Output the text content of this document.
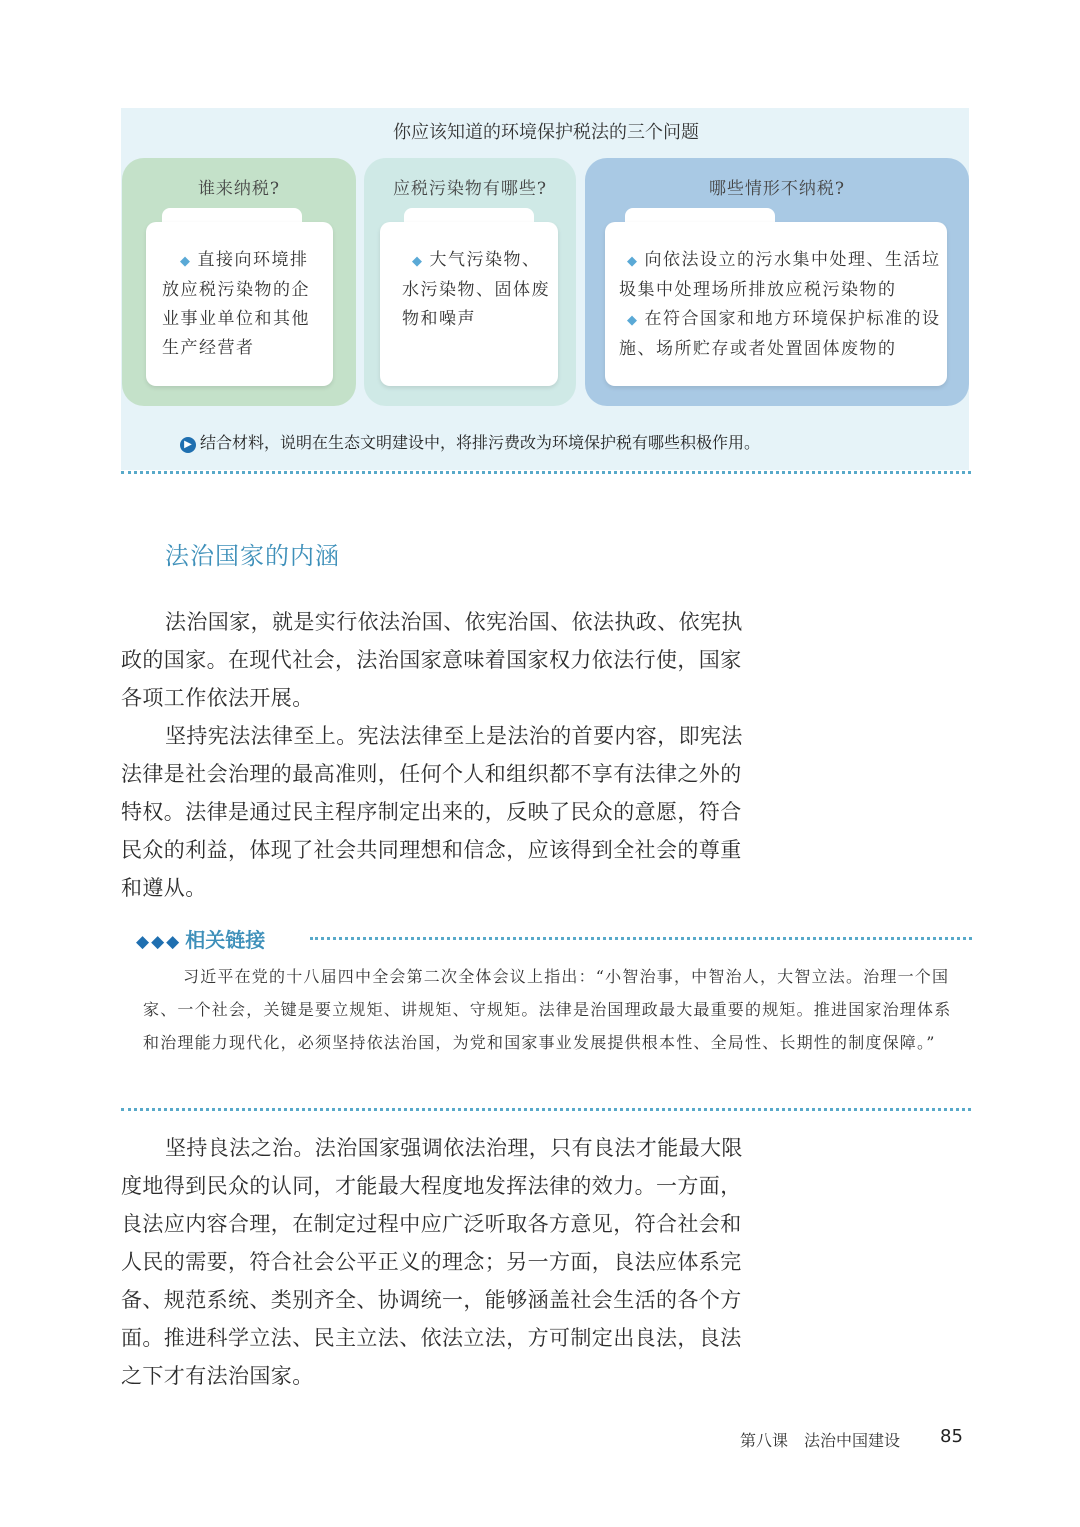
你应该知道的环境保护税法的三个问题
谁来纳税?
◆ 直接向环境排放应税污染物的企业事业单位和其他生产经营者
应税污染物有哪些?
◆ 大气污染物、水污染物、固体废物和噪声
哪些情形不纳税?
◆ 向依法设立的污水集中处理、生活垃圾集中处理场所排放应税污染物的
◆ 在符合国家和地方环境保护标准的设施、场所贮存或者处置固体废物的
▶ 结合材料，说明在生态文明建设中，将排污费改为环境保护税有哪些积极作用。
法治国家的内涵

法治国家，就是实行依法治国、依宪治国、依法执政、依宪执政的国家。在现代社会，法治国家意味着国家权力依法行使，国家各项工作依法开展。

坚持宪法法律至上。宪法法律至上是法治的首要内容，即宪法法律是社会治理的最高准则，任何个人和组织都不享有法律之外的特权。法律是通过民主程序制定出来的，反映了民众的意愿，符合民众的利益，体现了社会共同理想和信念，应该得到全社会的尊重和遵从。

◆◆◆ 相关链接

习近平在党的十八届四中全会第二次全体会议上指出：“小智治事，中智治人，大智立法。治理一个国家、一个社会，关键是要立规矩、讲规矩、守规矩。法律是治国理政最大最重要的规矩。推进国家治理体系和治理能力现代化，必须坚持依法治国，为党和国家事业发展提供根本性、全局性、长期性的制度保障。”

坚持良法之治。法治国家强调依法治理，只有良法才能最大限度地得到民众的认同，才能最大程度地发挥法律的效力。一方面，良法应内容合理，在制定过程中应广泛听取各方意见，符合社会和人民的需要，符合社会公平正义的理念；另一方面，良法应体系完备、规范系统、类别齐全、协调统一，能够涵盖社会生活的各个方面。推进科学立法、民主立法、依法立法，方可制定出良法，良法之下才有法治国家。

第八课　法治中国建设 85
